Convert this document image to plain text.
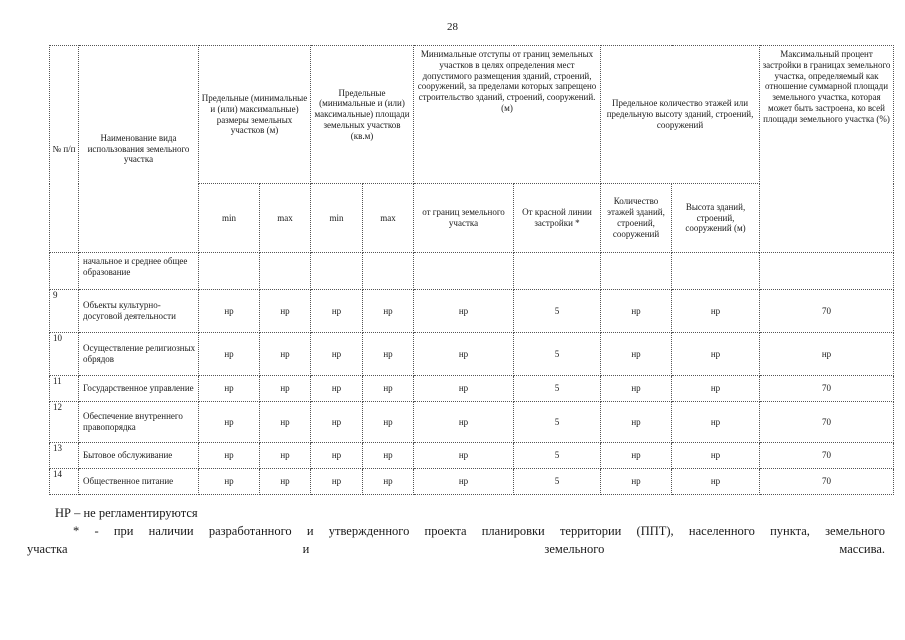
28
№ п/п	Наименование вида использования земельного участка	Предельные (минимальные и (или) максимальные) размеры земельных участков (м)		Предельные (минимальные и (или) максимальные) площади земельных участков (кв.м)		Минимальные отступы от границ земельных участков в целях определения мест допустимого размещения зданий, строений, сооружений, за пределами которых запрещено строительство зданий, строений, сооружений. (м)		Предельное количество этажей или предельную высоту зданий, строений, сооружений		Максимальный процент застройки в границах земельного участка, определяемый как отношение суммарной площади земельного участка, которая может быть застроена, ко всей площади земельного участка (%)
		min	max	min	max	от границ земельного участка	От красной линии застройки *	Количество этажей зданий, строений, сооружений	Высота зданий, строений, сооружений (м)	
	начальное и среднее общее образование									
9	Объекты культурно-досуговой деятельности	нр	нр	нр	нр	нр	5	нр	нр	70
10	Осуществление религиозных обрядов	нр	нр	нр	нр	нр	5	нр	нр	нр
11	Государственное управление	нр	нр	нр	нр	нр	5	нр	нр	70
12	Обеспечение внутреннего правопорядка	нр	нр	нр	нр	нр	5	нр	нр	70
13	Бытовое обслуживание	нр	нр	нр	нр	нр	5	нр	нр	70
14	Общественное питание	нр	нр	нр	нр	нр	5	нр	нр	70
НР – не регламентируются
* - при наличии разработанного и утвержденного проекта планировки территории (ППТ), населенного пункта, земельного
участка и земельного массива.
